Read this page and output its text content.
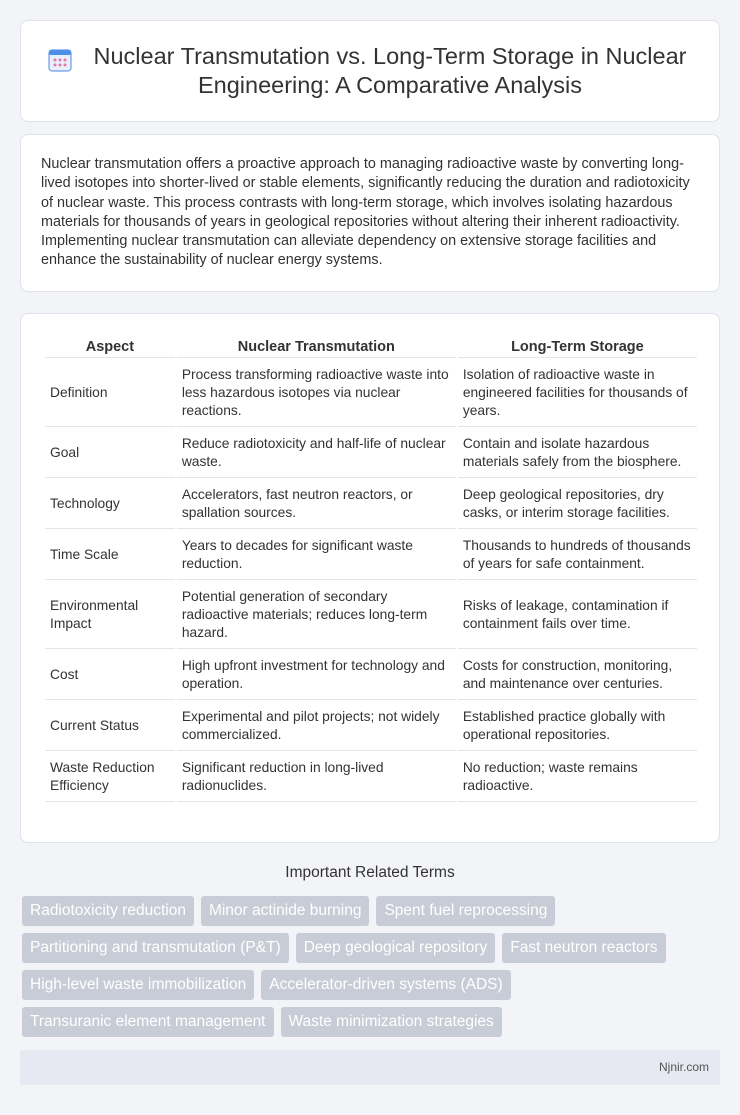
Nuclear Transmutation vs. Long-Term Storage in Nuclear Engineering: A Comparative Analysis

Nuclear transmutation offers a proactive approach to managing radioactive waste by converting long-lived isotopes into shorter-lived or stable elements, significantly reducing the duration and radiotoxicity of nuclear waste. This process contrasts with long-term storage, which involves isolating hazardous materials for thousands of years in geological repositories without altering their inherent radioactivity. Implementing nuclear transmutation can alleviate dependency on extensive storage facilities and enhance the sustainability of nuclear energy systems.

Aspect	Nuclear Transmutation	Long-Term Storage
Definition	Process transforming radioactive waste into less hazardous isotopes via nuclear reactions.	Isolation of radioactive waste in engineered facilities for thousands of years.
Goal	Reduce radiotoxicity and half-life of nuclear waste.	Contain and isolate hazardous materials safely from the biosphere.
Technology	Accelerators, fast neutron reactors, or spallation sources.	Deep geological repositories, dry casks, or interim storage facilities.
Time Scale	Years to decades for significant waste reduction.	Thousands to hundreds of thousands of years for safe containment.
Environmental Impact	Potential generation of secondary radioactive materials; reduces long-term hazard.	Risks of leakage, contamination if containment fails over time.
Cost	High upfront investment for technology and operation.	Costs for construction, monitoring, and maintenance over centuries.
Current Status	Experimental and pilot projects; not widely commercialized.	Established practice globally with operational repositories.
Waste Reduction Efficiency	Significant reduction in long-lived radionuclides.	No reduction; waste remains radioactive.
Important Related Terms
Radiotoxicity reduction	Minor actinide burning	Spent fuel reprocessing
Partitioning and transmutation (P&T)	Deep geological repository	Fast neutron reactors
High-level waste immobilization	Accelerator-driven systems (ADS)
Transuranic element management	Waste minimization strategies
Njnir.com
